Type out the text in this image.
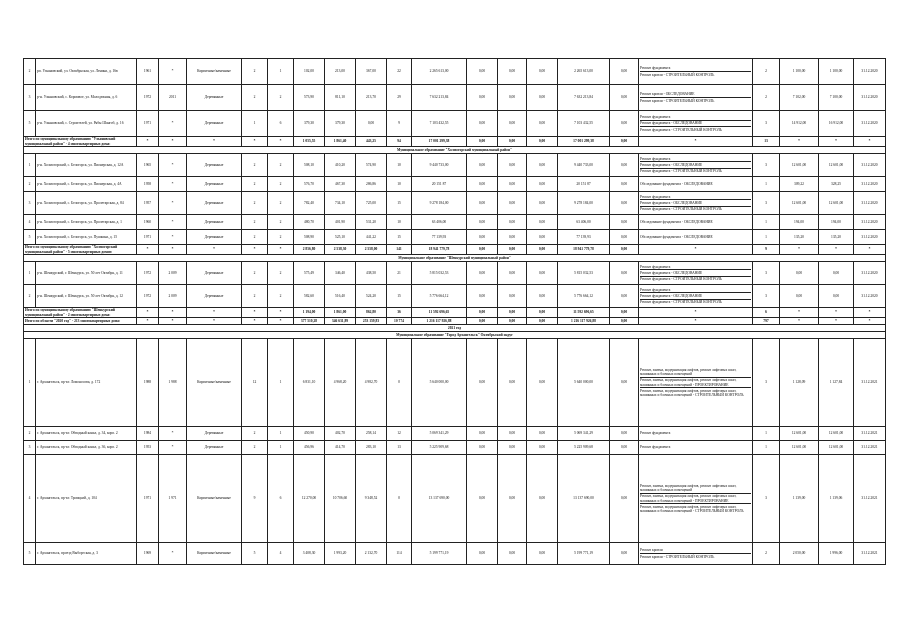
2	рп. Ульяновский, ул. Октябрьская, ул. Ленина, д. 16в	1961	*	Кирпичные/каменные	2	1	102,00	213,00	367,00	22	2 265 613,00	0,00	0,00	0,00	2 265 613,00	0,00	Ремонт фундамента
Ремонт кровли - СТРОИТЕЛЬНЫЙ КОНТРОЛЬ	2	1 100,00	1 100,00	31.12.2020
3	р-н. Ульяновский, с. Кормовое, ул. Молодежная, д. 6	1972	2011	Деревянные	2	2	573,90	811,10	213,70	29	7 632 213,84	0,00	0,00	0,00	7 632 213,84	0,00	Ремонт кровли - ОБСЛЕДОВАНИЕ
Ремонт кровли - СТРОИТЕЛЬНЫЙ КОНТРОЛЬ	2	7 102,00	7 100,00	31.12.2020
5	р-н. Ульяновский, с. Строителей, ул. Рябы Шангоб, д. 16	1971	*	Деревянные	1	6	379,30	379,30	0,00	9	7 103 432,55	0,00	0,00	0,00	7 103 432,55	0,00	Ремонт фундамента
Ремонт фундамента - ОБСЛЕДОВАНИЕ
Ремонт фундамента - СТРОИТЕЛЬНЫЙ КОНТРОЛЬ	3	14 912,00	16 912,00	31.12.2020
Итого по муниципальному образованию "Ульяновский муниципальный район" - 4 многоквартирных дома:		*	*	*	*	*	1 055,55	1 861,40	443,25	94	17 001 299,38	0,00	0,00	0,00	17 001 299,38	0,00	*	13	*	*	*
Муниципальное образование "Холмогорский муниципальный район"																					
1	р-н. Холмогорский, с. Белогорск, ул. Пионерская, д. 12А	1965	*	Деревянные	2	2	508,10	410,20	574,90	10	9 440 733,00	0,00	0,00	0,00	9 440 733,00	0,00	Ремонт фундамента
Ремонт фундамента - ОБСЛЕДОВАНИЕ
Ремонт фундамента - СТРОИТЕЛЬНЫЙ КОНТРОЛЬ	3	12 601,00	12 601,00	31.12.2020
2	р-н. Холмогорский, с. Белогорск, ул. Пионерская, д. 4А	1958	*	Деревянные	2	2	576,70	467,30	286,86	10	20 151 87	0,00	0,00	0,00	20 151 87	0,00	Обследование фундамента - ОБСЛЕДОВАНИЕ	1	309,22	328,25	31.12.2020
3	р-н. Холмогорский, с. Белогорск, ул. Пролетарская, д. 84	1957	*	Деревянные	2	2	782,40	734,10	725,00	15	9 278 184,00	0,00	0,00	0,00	9 278 184,00	0,00	Ремонт фундамента
Ремонт фундамента - ОБСЛЕДОВАНИЕ
Ремонт фундамента - СТРОИТЕЛЬНЫЙ КОНТРОЛЬ	3	12 601,00	12 601,00	31.12.2020
4	р-н. Холмогорский, с. Белогорск, ул. Пролетарская, д. 1	1960	*	Деревянные	2	2	480,70	401,90	531,20	10	63 406,00	0,00	0,00	0,00	63 406,00	0,00	Обследование фундамента - ОБСЛЕДОВАНИЕ	1	194,00	194,00	31.12.2020
5	р-н. Холмогорский, с. Белогорск, ул. Пушкина, д. 15	1971	*	Деревянные	2	2	508,90	525,10	441,22	15	77 139,93	0,00	0,00	0,00	77 139,93	0,00	Обследование фундамента - ОБСЛЕДОВАНИЕ	1	135,20	135,20	31.12.2020
Итого по муниципальному образованию "Холмогорский муниципальный район" - 5 многоквартирных домов:		*	*	*	*	*	2 856,80	2 538,30	2 558,00	141	18 941 779,78	0,00	0,00	0,00	18 941 779,78	0,00	*	9	*	*	*
Муниципальное образование "Шенкурский муниципальный район"																					
1	р-н. Шенкурский, г. Шенкурск, ул. 50 лет Октября, д. 11	1972	2 009	Деревянные	2	2	575,49	346,40	438,50	21	5 815 032,53	0,00	0,00	0,00	5 815 032,53	0,00	Ремонт фундамента
Ремонт фундамента - ОБСЛЕДОВАНИЕ
Ремонт фундамента - СТРОИТЕЛЬНЫЙ КОНТРОЛЬ	3	0,00	0,00	31.12.2020
2	р-н. Шенкурский, г. Шенкурск, ул. 50 лет Октября, д. 12	1972	2 009	Деревянные	2	2	582,60	516,40	524,20	15	5 776 664,12	0,00	0,00	0,00	5 776 664,12	0,00	Ремонт фундамента
Ремонт фундамента - ОБСЛЕДОВАНИЕ
Ремонт фундамента - СТРОИТЕЛЬНЫЙ КОНТРОЛЬ	3	0,00	0,00	31.12.2020
Итого по муниципальному образованию "Шенкурский муниципальный район" - 2 многоквартирных дома:		*	*	*	*	*	1 194,00	1 861,00	862,80	36	11 592 696,65	0,00	0,00	0,00	11 592 696,65	0,00	*	6	*	*	*
Итого по области "2020 год" - 213 многоквартирных дома:		*	*	*	*	*	377 510,28	346 631,89	253 159,83	10 774	1 216 117 926,88	0,00	0,00	0,00	1 216 117 926,88	0,00	*	797	*	*	*
2021 год																					
Муниципальное образование "Город Архангельск" Октябрьский округ																					
1	г. Архангельск, пр-кт. Ломоносова, д. 172	1988	1 988	Кирпичные/каменные	12	1	6 831,10	4 968,20	4 982,70	0	5 640 000,00	0,00	0,00	0,00	5 640 000,00	0,00	Ремонт, замена, модернизация лифтов, ремонт лифтовых шахт, машинных и блочных помещений
Ремонт, замена, модернизация лифтов, ремонт лифтовых шахт, машинных и блочных помещений - ПРОЕКТИРОВАНИЕ
Ремонт, замена, модернизация лифтов, ремонт лифтовых шахт, машинных и блочных помещений - СТРОИТЕЛЬНЫЙ КОНТРОЛЬ	3	1 128,09	1 127,84	31.12.2021
2	г. Архангельск, пр-кт. Обводный канал, д. 34, корп. 2	1984	*	Деревянные	2	1	450,90	402,70	258,14	12	5 069 341,29	0,00	0,00	0,00	5 069 341,29	0,00	Ремонт фундамента	1	12 601,00	12 601,00	31.12.2021
3	г. Архангельск, пр-кт. Обводный канал, д. 36, корп. 2	1953	*	Деревянные	2	1	456,96	414,70	283,10	13	5 225 909,68	0,00	0,00	0,00	5 225 909,68	0,00	Ремонт фундамента	1	12 601,00	12 601,00	31.12.2021
4	г. Архангельск, пр-кт. Троицкий, д. 104	1971	1 971	Кирпичные/каменные	9	6	12 270,00	10 706,60	9 348,52	0	13 137 690,00	0,00	0,00	0,00	13 137 690,00	0,00	Ремонт, замена, модернизация лифтов, ремонт лифтовых шахт, машинных и блочных помещений
Ремонт, замена, модернизация лифтов, ремонт лифтовых шахт, машинных и блочных помещений - ПРОЕКТИРОВАНИЕ
Ремонт, замена, модернизация лифтов, ремонт лифтовых шахт, машинных и блочных помещений - СТРОИТЕЛЬНЫЙ КОНТРОЛЬ	3	1 139,00	1 139,06	31.12.2021
5	г. Архангельск, проезд Выборгская, д. 3	1969	*	Кирпичные/каменные	5	4	3 408,30	1 993,20	2 132,70	114	5 199 771,19	0,00	0,00	0,00	5 199 771,19	0,00	Ремонт кровли
Ремонт кровли - СТРОИТЕЛЬНЫЙ КОНТРОЛЬ	2	2 050,00	1 996,00	31.12.2021
